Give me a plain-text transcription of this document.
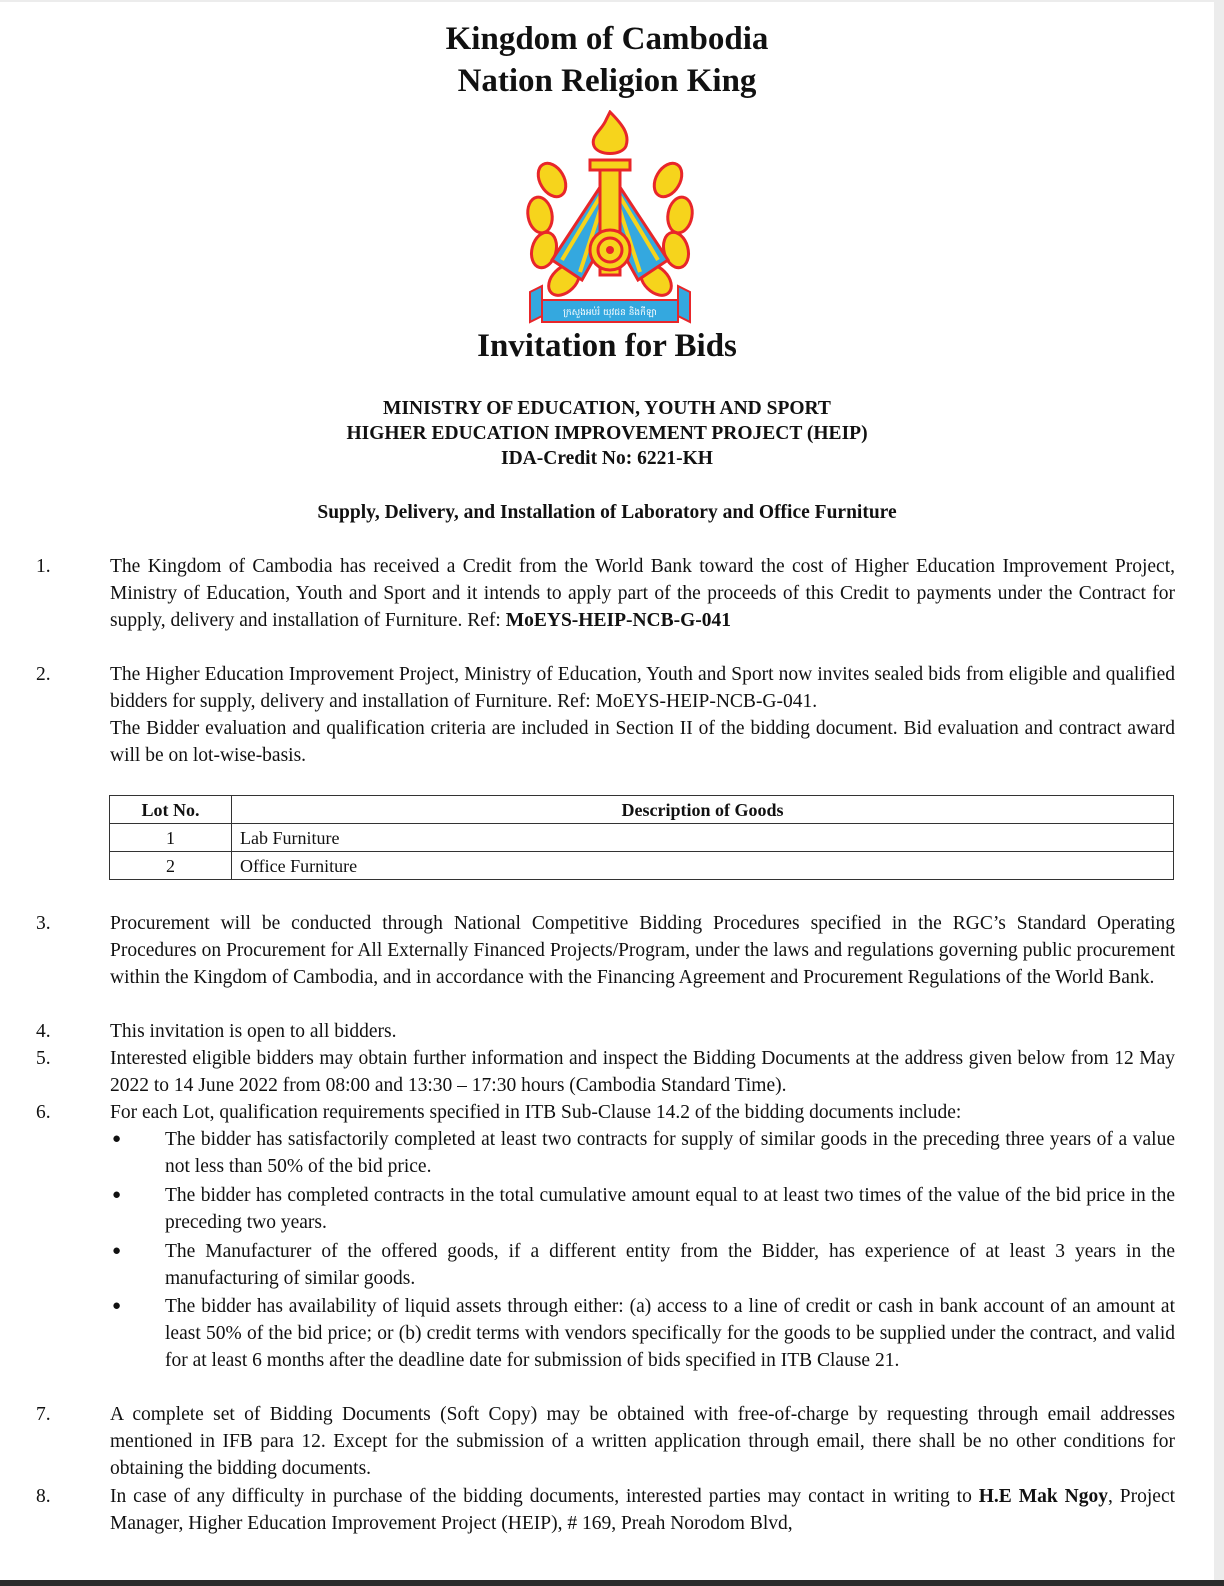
Kingdom of Cambodia
Nation Religion King
ក្រសួងអប់រំ យុវជន និងកីឡា
Invitation for Bids
MINISTRY OF EDUCATION, YOUTH AND SPORT
HIGHER EDUCATION IMPROVEMENT PROJECT (HEIP)
IDA-Credit No: 6221-KH
Supply, Delivery, and Installation of Laboratory and Office Furniture
1.	The Kingdom of Cambodia has received a Credit from the World Bank toward the cost of Higher Education Improvement Project, Ministry of Education, Youth and Sport and it intends to apply part of the proceeds of this Credit to payments under the Contract for supply, delivery and installation of Furniture. Ref: MoEYS-HEIP-NCB-G-041
2.	The Higher Education Improvement Project, Ministry of Education, Youth and Sport now invites sealed bids from eligible and qualified bidders for supply, delivery and installation of Furniture. Ref: MoEYS-HEIP-NCB-G-041.
The Bidder evaluation and qualification criteria are included in Section II of the bidding document. Bid evaluation and contract award will be on lot-wise-basis.
Lot No.	Description of Goods
1	Lab Furniture
2	Office Furniture
3.	Procurement will be conducted through National Competitive Bidding Procedures specified in the RGC’s Standard Operating Procedures on Procurement for All Externally Financed Projects/Program, under the laws and regulations governing public procurement within the Kingdom of Cambodia, and in accordance with the Financing Agreement and Procurement Regulations of the World Bank.
4.	This invitation is open to all bidders.
5.	Interested eligible bidders may obtain further information and inspect the Bidding Documents at the address given below from 12 May 2022 to 14 June 2022 from 08:00 and 13:30 – 17:30 hours (Cambodia Standard Time).
6.	For each Lot, qualification requirements specified in ITB Sub-Clause 14.2 of the bidding documents include:
● The bidder has satisfactorily completed at least two contracts for supply of similar goods in the preceding three years of a value not less than 50% of the bid price.
● The bidder has completed contracts in the total cumulative amount equal to at least two times of the value of the bid price in the preceding two years.
● The Manufacturer of the offered goods, if a different entity from the Bidder, has experience of at least 3 years in the manufacturing of similar goods.
● The bidder has availability of liquid assets through either: (a) access to a line of credit or cash in bank account of an amount at least 50% of the bid price; or (b) credit terms with vendors specifically for the goods to be supplied under the contract, and valid for at least 6 months after the deadline date for submission of bids specified in ITB Clause 21.
7.	A complete set of Bidding Documents (Soft Copy) may be obtained with free-of-charge by requesting through email addresses mentioned in IFB para 12. Except for the submission of a written application through email, there shall be no other conditions for obtaining the bidding documents.
8.	In case of any difficulty in purchase of the bidding documents, interested parties may contact in writing to H.E Mak Ngoy, Project Manager, Higher Education Improvement Project (HEIP), # 169, Preah Norodom Blvd,
